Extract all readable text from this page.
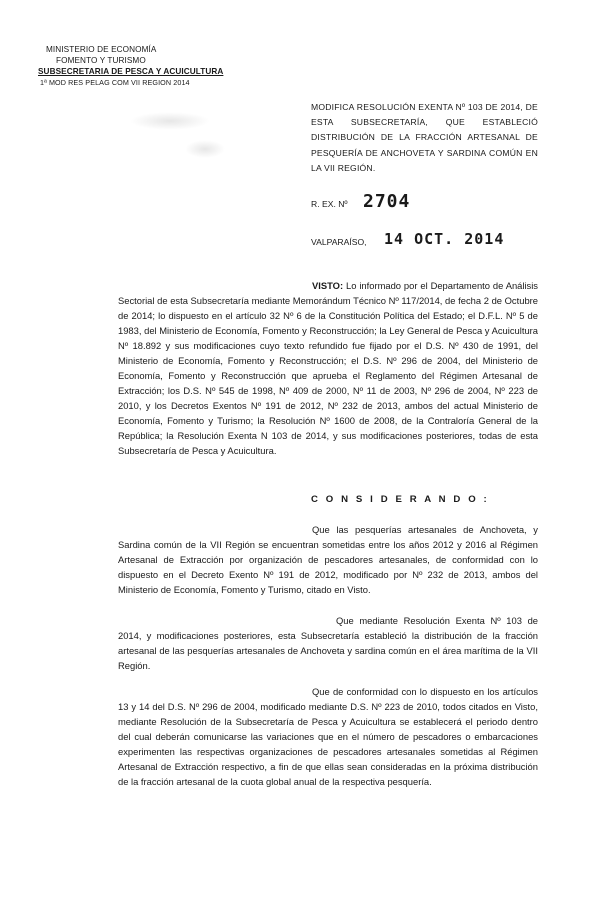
MINISTERIO DE ECONOMÍA
FOMENTO Y TURISMO
SUBSECRETARIA DE PESCA Y ACUICULTURA
1ª MOD RES PELAG COM VII REGION 2014
MODIFICA RESOLUCIÓN EXENTA Nº 103 DE 2014, DE ESTA SUBSECRETARÍA, QUE ESTABLECIÓ DISTRIBUCIÓN DE LA FRACCIÓN ARTESANAL DE PESQUERÍA DE ANCHOVETA Y SARDINA COMÚN EN LA VII REGIÓN.
R. EX. Nº 2704
VALPARAÍSO, 14 OCT. 2014
VISTO: Lo informado por el Departamento de Análisis Sectorial de esta Subsecretaría mediante Memorándum Técnico Nº 117/2014, de fecha 2 de Octubre de 2014; lo dispuesto en el artículo 32 Nº 6 de la Constitución Política del Estado; el D.F.L. Nº 5 de 1983, del Ministerio de Economía, Fomento y Reconstrucción; la Ley General de Pesca y Acuicultura Nº 18.892 y sus modificaciones cuyo texto refundido fue fijado por el D.S. Nº 430 de 1991, del Ministerio de Economía, Fomento y Reconstrucción; el D.S. Nº 296 de 2004, del Ministerio de Economía, Fomento y Reconstrucción que aprueba el Reglamento del Régimen Artesanal de Extracción; los D.S. Nº 545 de 1998, Nº 409 de 2000, Nº 11 de 2003, Nº 296 de 2004, Nº 223 de 2010, y los Decretos Exentos Nº 191 de 2012, Nº 232 de 2013, ambos del actual Ministerio de Economía, Fomento y Turismo; la Resolución Nº 1600 de 2008, de la Contraloría General de la República; la Resolución Exenta N 103 de 2014, y sus modificaciones posteriores, todas de esta Subsecretaría de Pesca y Acuicultura.
C O N S I D E R A N D O :
Que las pesquerías artesanales de Anchoveta, y Sardina común de la VII Región se encuentran sometidas entre los años 2012 y 2016 al Régimen Artesanal de Extracción por organización de pescadores artesanales, de conformidad con lo dispuesto en el Decreto Exento Nº 191 de 2012, modificado por Nº 232 de 2013, ambos del Ministerio de Economía, Fomento y Turismo, citado en Visto.
Que mediante Resolución Exenta Nº 103 de 2014, y modificaciones posteriores, esta Subsecretaría estableció la distribución de la fracción artesanal de las pesquerías artesanales de Anchoveta y sardina común en el área marítima de la VII Región.
Que de conformidad con lo dispuesto en los artículos 13 y 14 del D.S. Nº 296 de 2004, modificado mediante D.S. Nº 223 de 2010, todos citados en Visto, mediante Resolución de la Subsecretaría de Pesca y Acuicultura se establecerá el periodo dentro del cual deberán comunicarse las variaciones que en el número de pescadores o embarcaciones experimenten las respectivas organizaciones de pescadores artesanales sometidas al Régimen Artesanal de Extracción respectivo, a fin de que ellas sean consideradas en la próxima distribución de la fracción artesanal de la cuota global anual de la respectiva pesquería.
